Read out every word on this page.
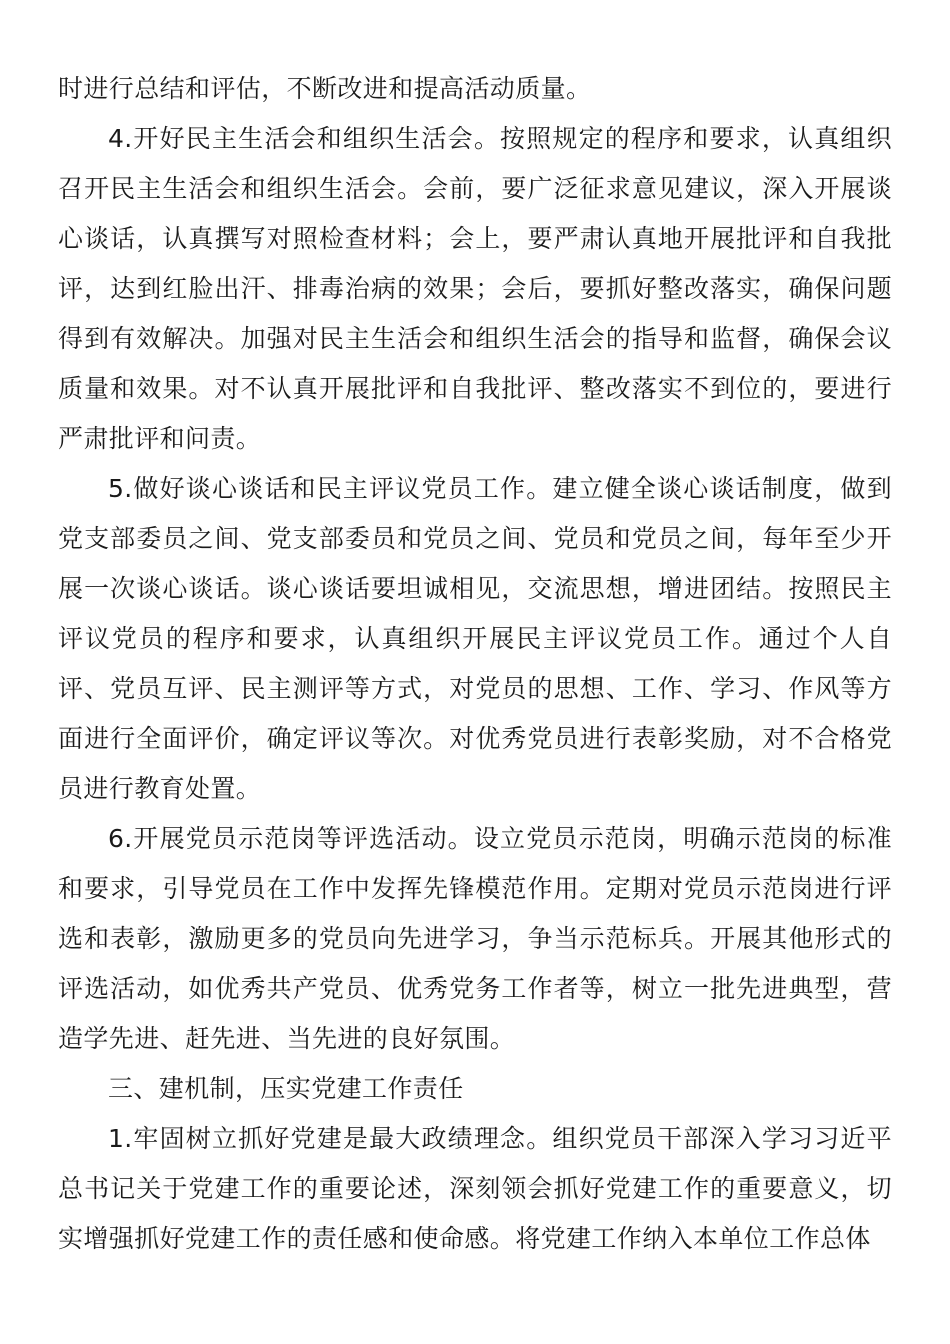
时进行总结和评估，不断改进和提高活动质量。

4.开好民主生活会和组织生活会。按照规定的程序和要求，认真组织召开民主生活会和组织生活会。会前，要广泛征求意见建议，深入开展谈心谈话，认真撰写对照检查材料；会上，要严肃认真地开展批评和自我批评，达到红脸出汗、排毒治病的效果；会后，要抓好整改落实，确保问题得到有效解决。加强对民主生活会和组织生活会的指导和监督，确保会议质量和效果。对不认真开展批评和自我批评、整改落实不到位的，要进行严肃批评和问责。

5.做好谈心谈话和民主评议党员工作。建立健全谈心谈话制度，做到党支部委员之间、党支部委员和党员之间、党员和党员之间，每年至少开展一次谈心谈话。谈心谈话要坦诚相见，交流思想，增进团结。按照民主评议党员的程序和要求，认真组织开展民主评议党员工作。通过个人自评、党员互评、民主测评等方式，对党员的思想、工作、学习、作风等方面进行全面评价，确定评议等次。对优秀党员进行表彰奖励，对不合格党员进行教育处置。

6.开展党员示范岗等评选活动。设立党员示范岗，明确示范岗的标准和要求，引导党员在工作中发挥先锋模范作用。定期对党员示范岗进行评选和表彰，激励更多的党员向先进学习，争当示范标兵。开展其他形式的评选活动，如优秀共产党员、优秀党务工作者等，树立一批先进典型，营造学先进、赶先进、当先进的良好氛围。

三、建机制，压实党建工作责任

1.牢固树立抓好党建是最大政绩理念。组织党员干部深入学习习近平总书记关于党建工作的重要论述，深刻领会抓好党建工作的重要意义，切实增强抓好党建工作的责任感和使命感。将党建工作纳入本单位工作总体
